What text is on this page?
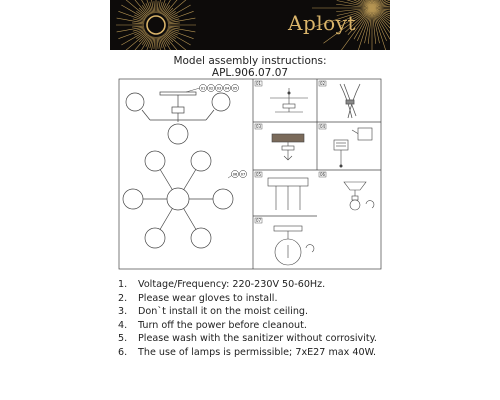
Aployt
Model assembly instructions:
APL.906.07.07
01 02 03 04 05
06 07
01	02
03	04
05	06
07
1. Voltage/Frequency: 220-230V 50-60Hz.
2. Please wear gloves to install.
3. Don`t install it on the moist ceiling.
4. Turn off the power before cleanout.
5. Please wash with the sanitizer without corrosivity.
6. The use of lamps is permissible; 7xE27 max 40W.
